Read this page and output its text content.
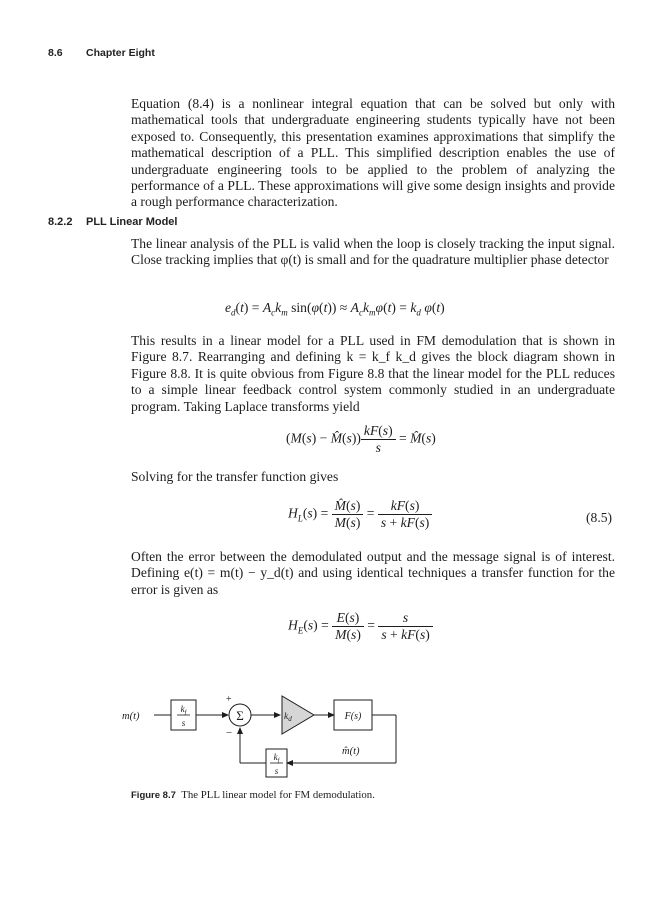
8.6 Chapter Eight
Equation (8.4) is a nonlinear integral equation that can be solved but only with mathematical tools that undergraduate engineering students typically have not been exposed to. Consequently, this presentation examines approximations that simplify the mathematical description of a PLL. This simplified description enables the use of undergraduate engineering tools to be applied to the problem of analyzing the performance of a PLL. These approximations will give some design insights and provide a rough performance characterization.
8.2.2 PLL Linear Model
The linear analysis of the PLL is valid when the loop is closely tracking the input signal. Close tracking implies that φ(t) is small and for the quadrature multiplier phase detector
$e_d(t) = A_ck_m$ $\sin(\varphi(t)) \approx A_ck_m\varphi(t) = k_d$ φ(t)
This results in a linear model for a PLL used in FM demodulation that is shown in Figure 8.7. Rearranging and defining k = k_f k_d gives the block diagram shown in Figure 8.8. It is quite obvious from Figure 8.8 that the linear model for the PLL reduces to a simple linear feedback control system commonly studied in an undergraduate program. Taking Laplace transforms yield
(M(s) − M̂(s)) $\frac{kF(s)}{s}$ = M̂(s)
Solving for the transfer function gives
$H_L(s) = \frac{M̂(s)}{M(s)} = \frac{kF(s)}{s + kF(s)}$	(8.5)
Often the error between the demodulated output and the message signal is of interest. Defining e(t) = m(t) − y_d(t) and using identical techniques a transfer function for the error is given as
$H_E(s) = \frac{E(s)}{M(s)} = \frac{s}{s + kF(s)}$
m(t)
$k_f$
s	Σ
+
−
$k_d$	F(s)
m̂(t)
$k_f$
s
Figure 8.7 The PLL linear model for FM demodulation.
